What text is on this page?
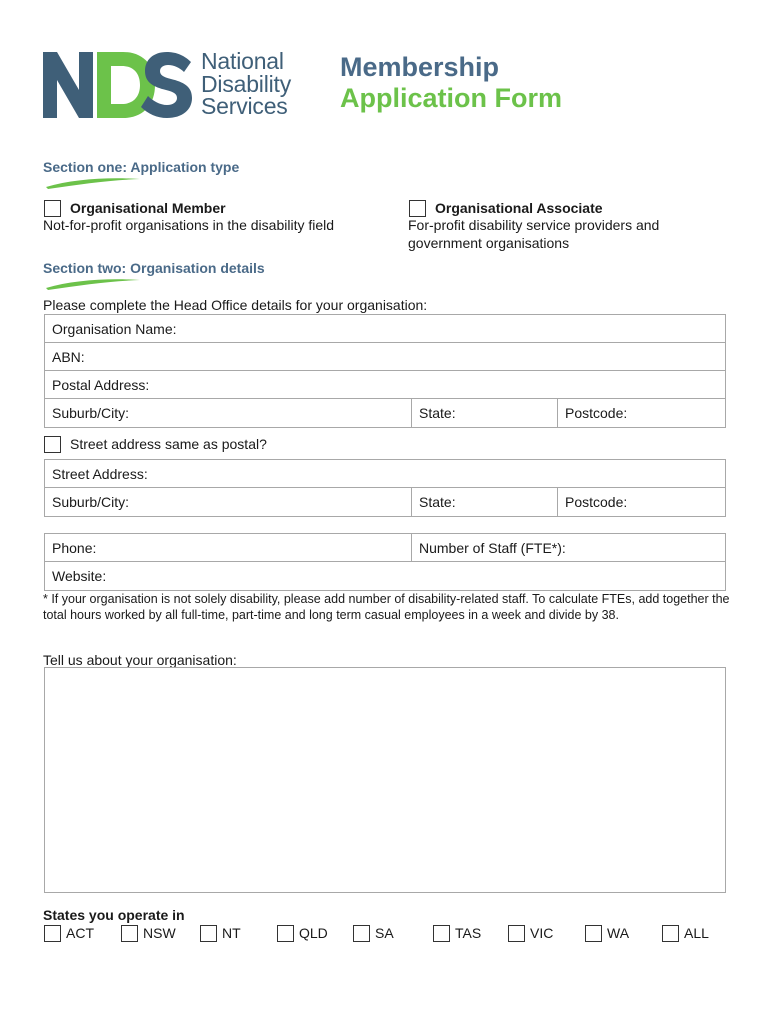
National
Disability
Services
Membership
Application Form
Section one: Application type
Organisational Member
Not-for-profit organisations in the disability field
Organisational Associate
For-profit disability service providers and
government organisations
Section two: Organisation details
Please complete the Head Office details for your organisation:
Organisation Name:
ABN:
Postal Address:
Suburb/City:	State:	Postcode:
Street address same as postal?
Street Address:
Suburb/City:	State:	Postcode:
Phone:	Number of Staff (FTE*):
Website:
* If your organisation is not solely disability, please add number of disability-related staff. To calculate FTEs, add together the total hours worked by all full-time, part-time and long term casual employees in a week and divide by 38.
Tell us about your organisation:
States you operate in
ACT	NSW	NT	QLD	SA	TAS	VIC	WA	ALL
